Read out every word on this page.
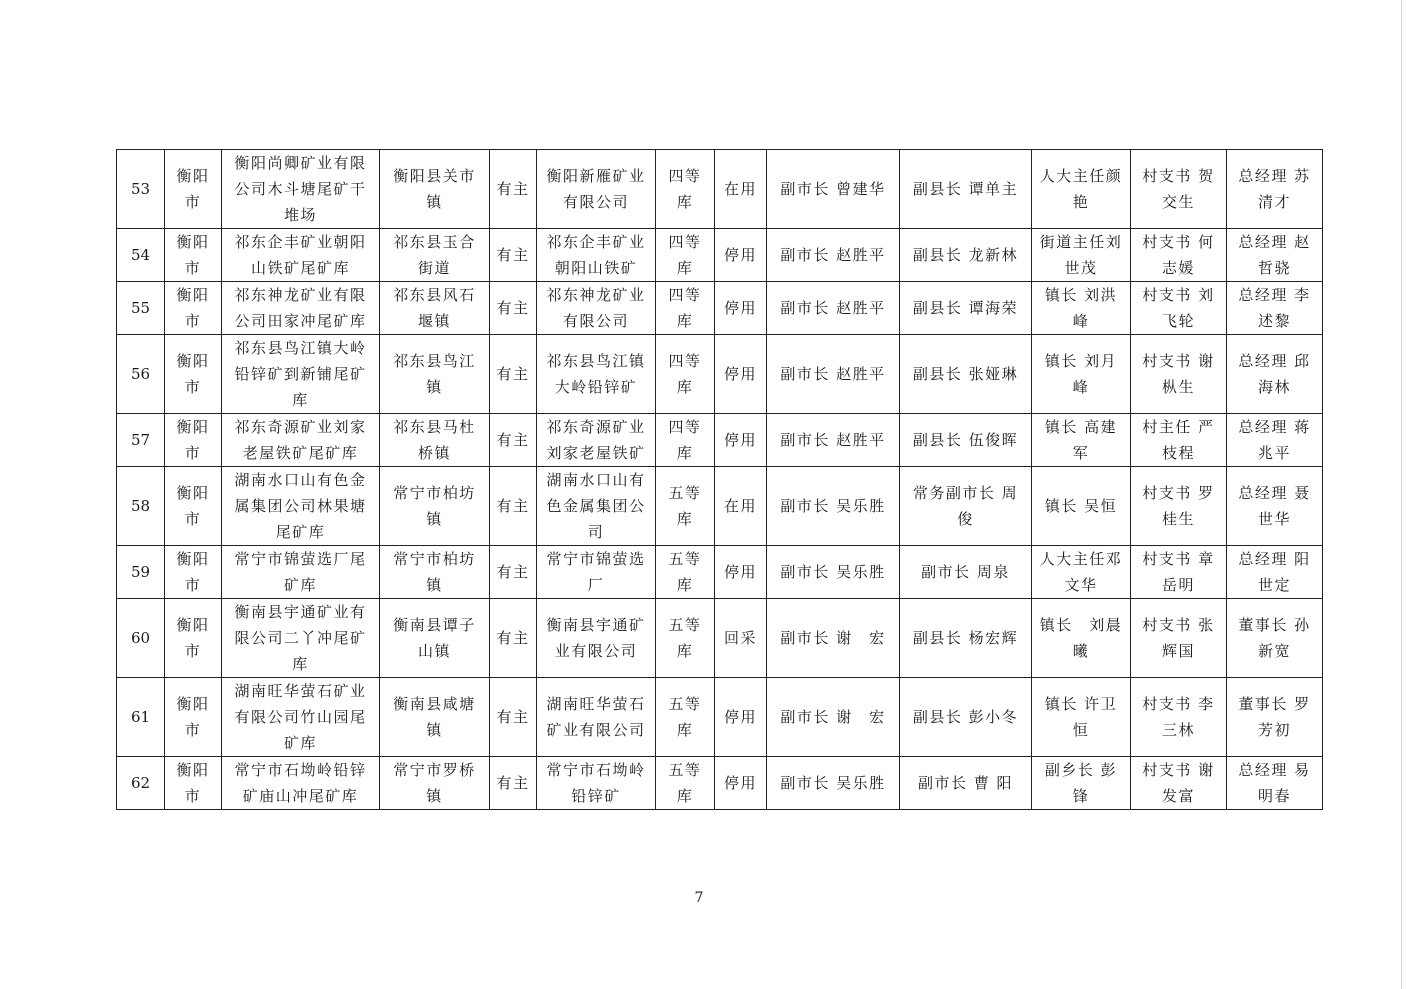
53	衡阳市	衡阳尚卿矿业有限公司木斗塘尾矿干堆场	衡阳县关市镇	有主	衡阳新雁矿业有限公司	四等库	在用	副市长 曾建华	副县长 谭单主	人大主任颜艳	村支书 贺交生	总经理 苏清才
54	衡阳市	祁东企丰矿业朝阳山铁矿尾矿库	祁东县玉合街道	有主	祁东企丰矿业朝阳山铁矿	四等库	停用	副市长 赵胜平	副县长 龙新林	街道主任刘世茂	村支书 何志媛	总经理 赵哲骁
55	衡阳市	祁东神龙矿业有限公司田家冲尾矿库	祁东县风石堰镇	有主	祁东神龙矿业有限公司	四等库	停用	副市长 赵胜平	副县长 谭海荣	镇长 刘洪峰	村支书 刘飞轮	总经理 李述黎
56	衡阳市	祁东县鸟江镇大岭铅锌矿到新铺尾矿库	祁东县鸟江镇	有主	祁东县鸟江镇大岭铅锌矿	四等库	停用	副市长 赵胜平	副县长 张娅琳	镇长 刘月峰	村支书 谢枞生	总经理 邱海林
57	衡阳市	祁东奇源矿业刘家老屋铁矿尾矿库	祁东县马杜桥镇	有主	祁东奇源矿业刘家老屋铁矿	四等库	停用	副市长 赵胜平	副县长 伍俊晖	镇长 高建军	村主任 严枝程	总经理 蒋兆平
58	衡阳市	湖南水口山有色金属集团公司林果塘尾矿库	常宁市柏坊镇	有主	湖南水口山有色金属集团公司	五等库	在用	副市长 吴乐胜	常务副市长 周俊	镇长 吴恒	村支书 罗桂生	总经理 聂世华
59	衡阳市	常宁市锦萤选厂尾矿库	常宁市柏坊镇	有主	常宁市锦萤选厂	五等库	停用	副市长 吴乐胜	副市长 周泉	人大主任邓文华	村支书 章岳明	总经理 阳世定
60	衡阳市	衡南县宇通矿业有限公司二丫冲尾矿库	衡南县谭子山镇	有主	衡南县宇通矿业有限公司	五等库	回采	副市长 谢　宏	副县长 杨宏辉	镇长　刘晨曦	村支书 张辉国	董事长 孙新宽
61	衡阳市	湖南旺华萤石矿业有限公司竹山园尾矿库	衡南县咸塘镇	有主	湖南旺华萤石矿业有限公司	五等库	停用	副市长 谢　宏	副县长 彭小冬	镇长 许卫恒	村支书 李三林	董事长 罗芳初
62	衡阳市	常宁市石坳岭铅锌矿庙山冲尾矿库	常宁市罗桥镇	有主	常宁市石坳岭铅锌矿	五等库	停用	副市长 吴乐胜	副市长 曹 阳	副乡长 彭锋	村支书 谢发富	总经理 易明春
7
